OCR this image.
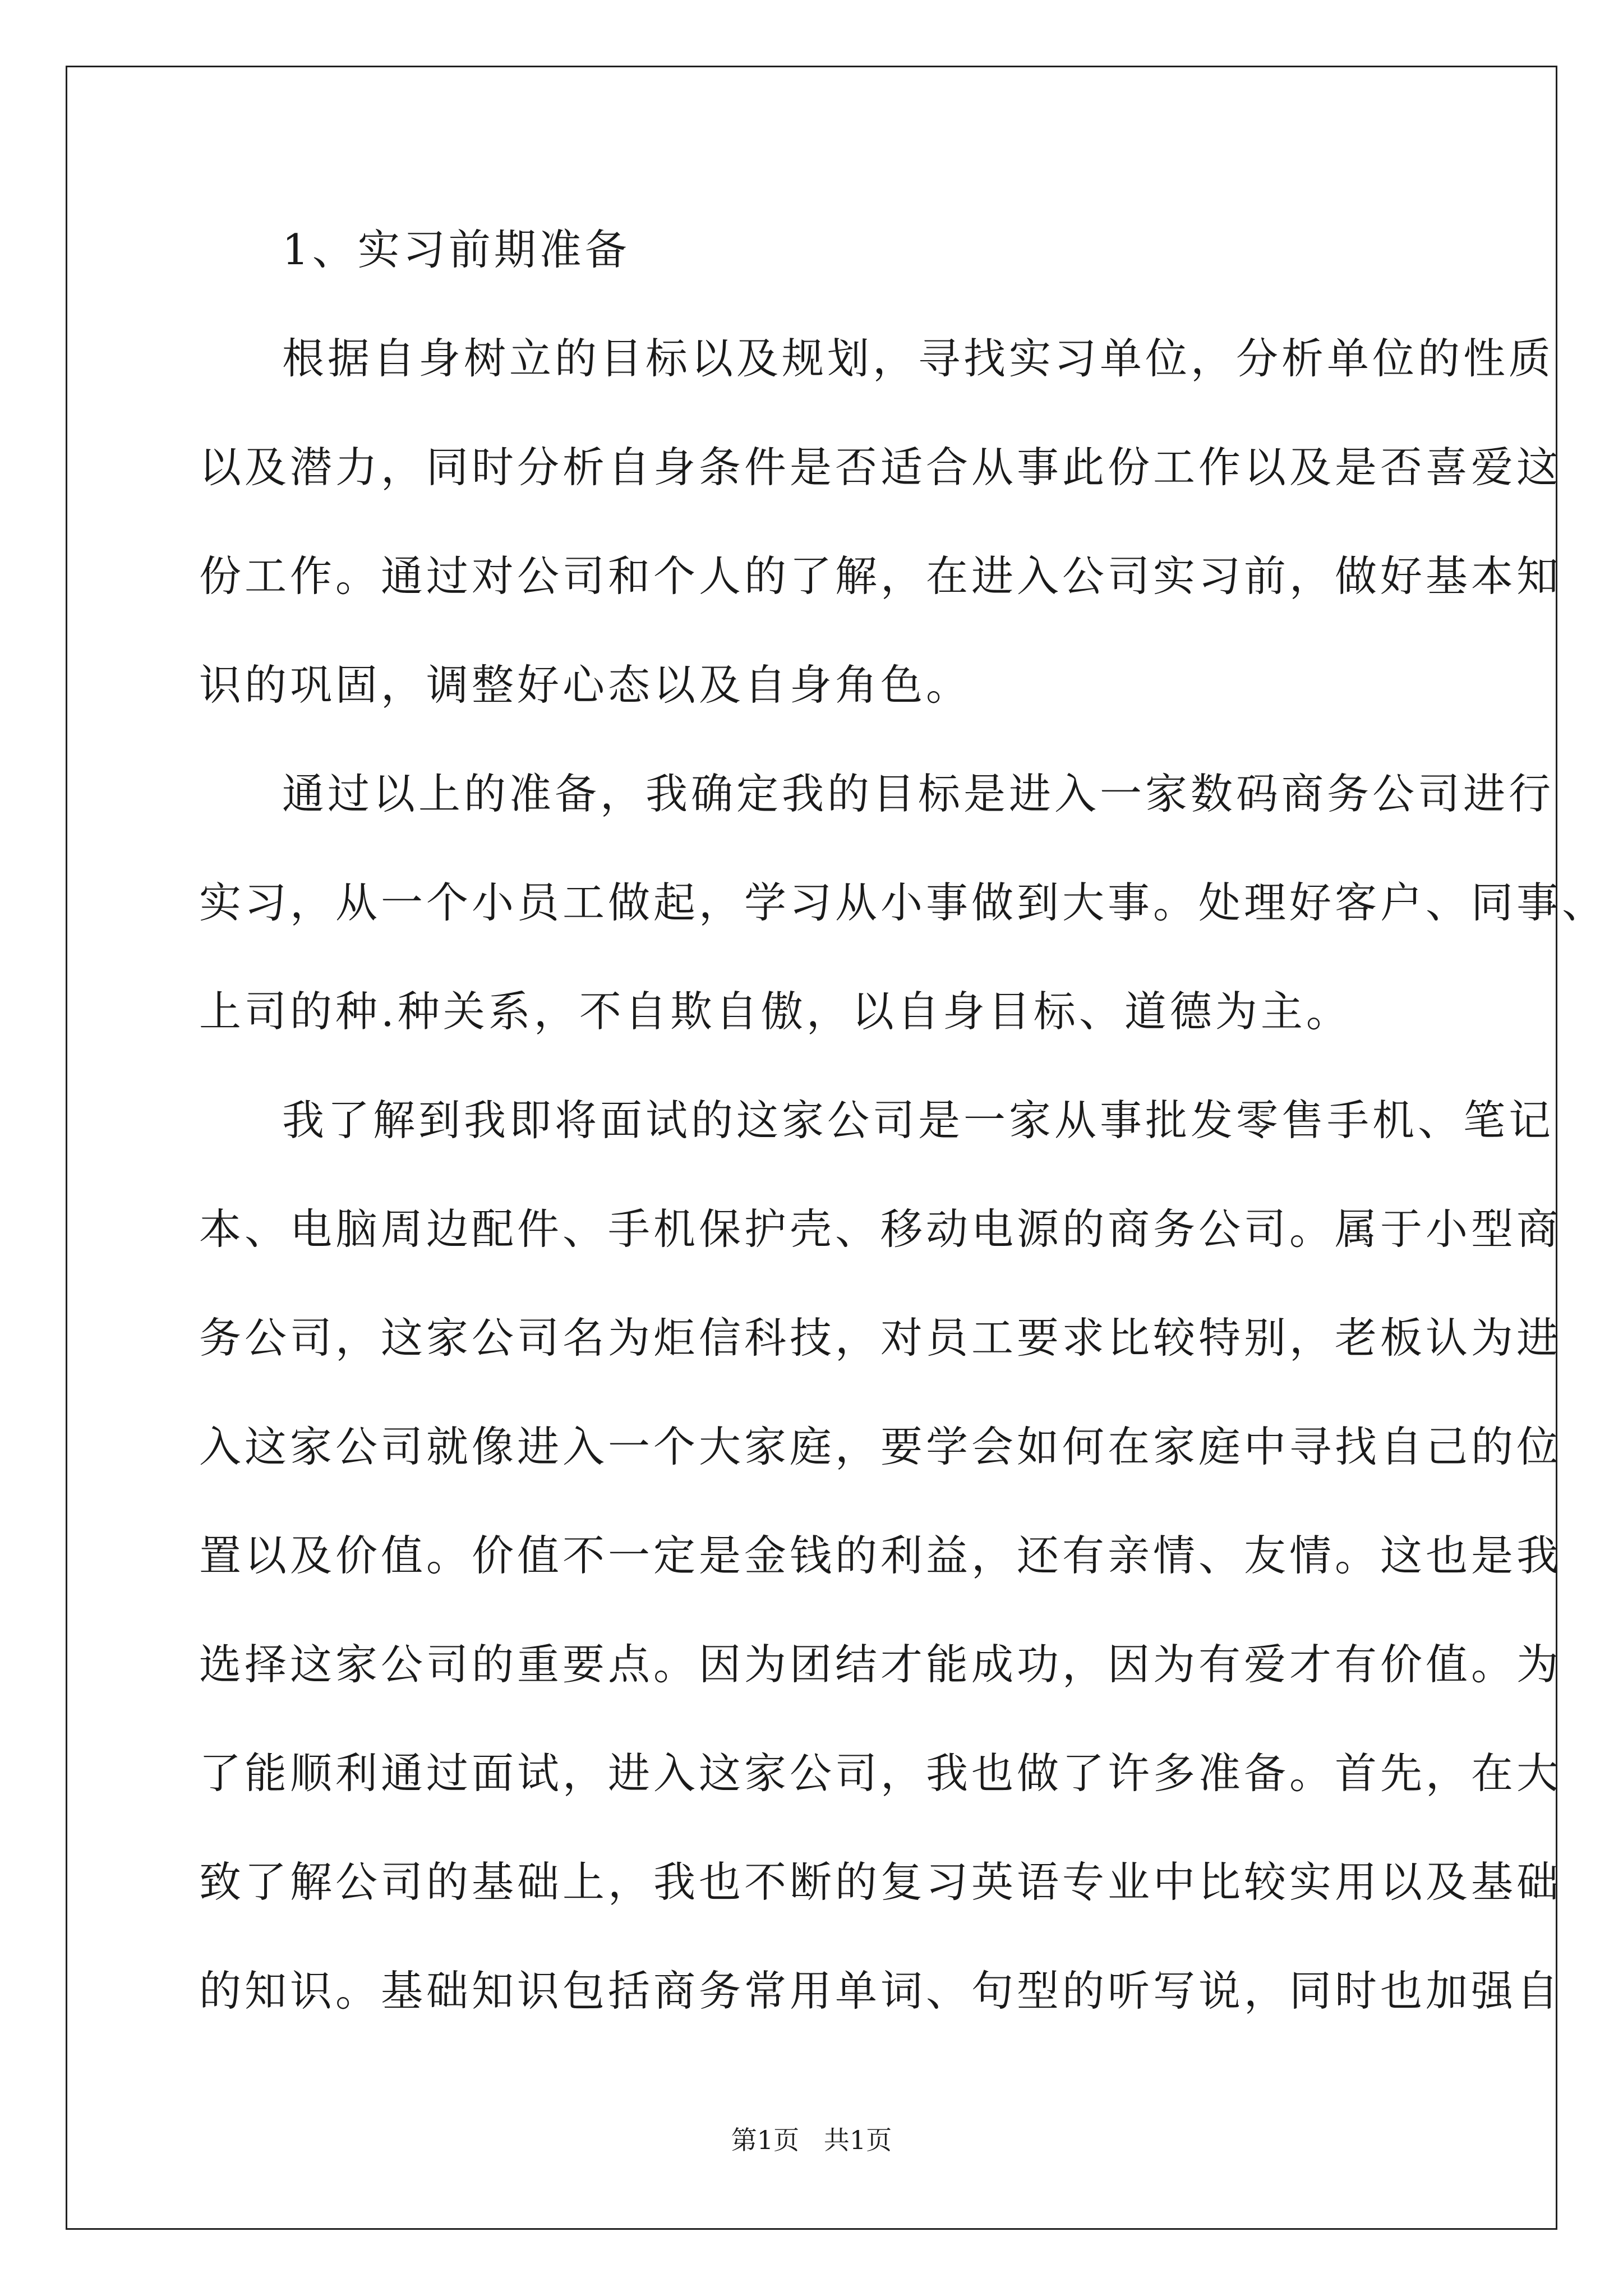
1、实习前期准备
根据自身树立的目标以及规划，寻找实习单位，分析单位的性质
以及潜力，同时分析自身条件是否适合从事此份工作以及是否喜爱这
份工作。通过对公司和个人的了解，在进入公司实习前，做好基本知
识的巩固，调整好心态以及自身角色。
通过以上的准备，我确定我的目标是进入一家数码商务公司进行
实习，从一个小员工做起，学习从小事做到大事。处理好客户、同事、
上司的种.种关系，不自欺自傲，以自身目标、道德为主。
我了解到我即将面试的这家公司是一家从事批发零售手机、笔记
本、电脑周边配件、手机保护壳、移动电源的商务公司。属于小型商
务公司，这家公司名为炬信科技，对员工要求比较特别，老板认为进
入这家公司就像进入一个大家庭，要学会如何在家庭中寻找自己的位
置以及价值。价值不一定是金钱的利益，还有亲情、友情。这也是我
选择这家公司的重要点。因为团结才能成功，因为有爱才有价值。为
了能顺利通过面试，进入这家公司，我也做了许多准备。首先，在大
致了解公司的基础上，我也不断的复习英语专业中比较实用以及基础
的知识。基础知识包括商务常用单词、句型的听写说，同时也加强自
第1页   共1页
